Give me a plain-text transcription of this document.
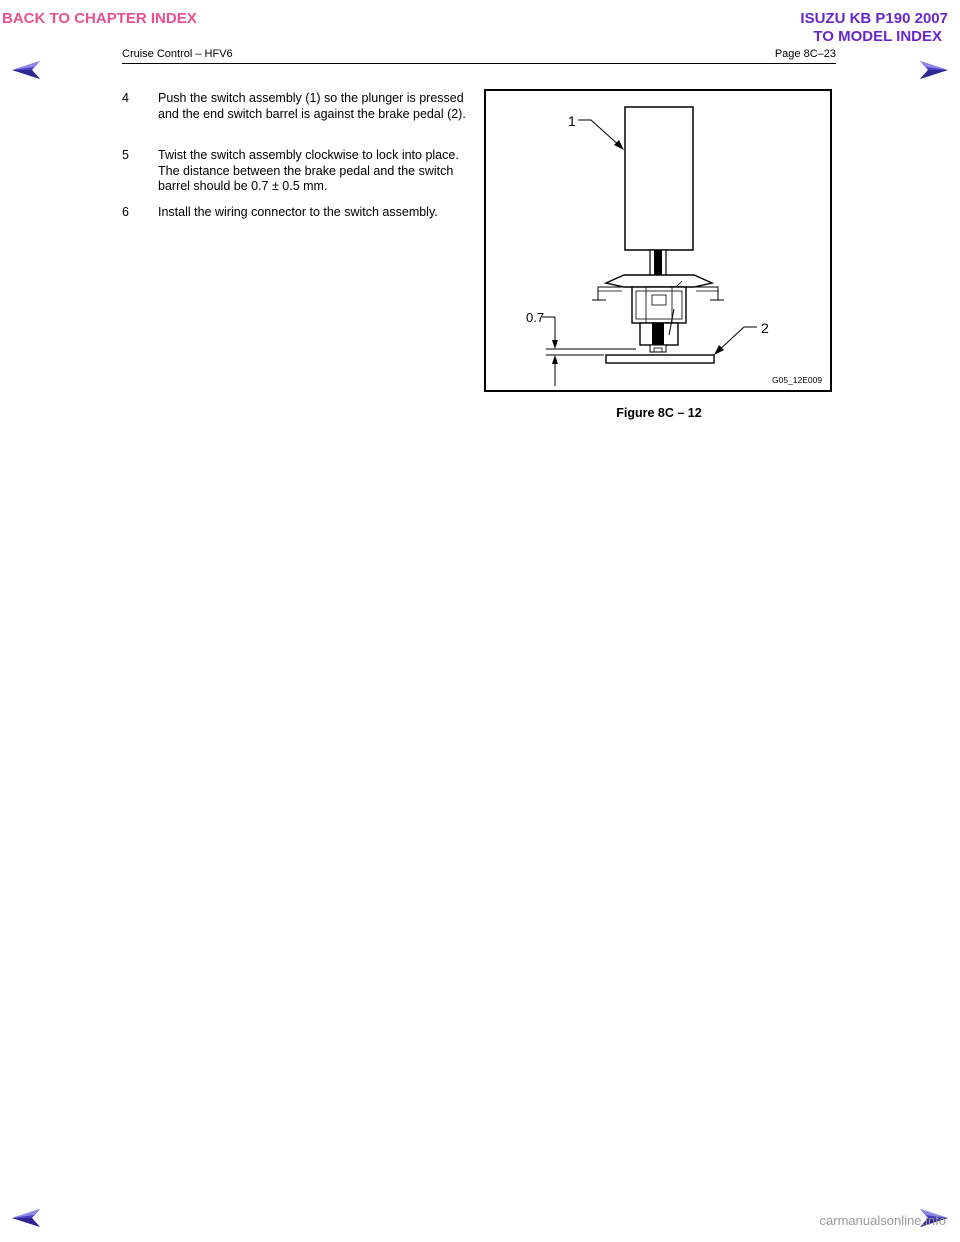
BACK TO CHAPTER INDEX	ISUZU KB P190 2007
TO MODEL INDEX
Cruise Control – HFV6	Page 8C–23
4 Push the switch assembly (1) so the plunger is pressed and the end switch barrel is against the brake pedal (2).
5 Twist the switch assembly clockwise to lock into place. The distance between the brake pedal and the switch barrel should be 0.7 ± 0.5 mm.
6 Install the wiring connector to the switch assembly.
1
2
0.7
G05_12E009
Figure 8C – 12
carmanualsonline.info
